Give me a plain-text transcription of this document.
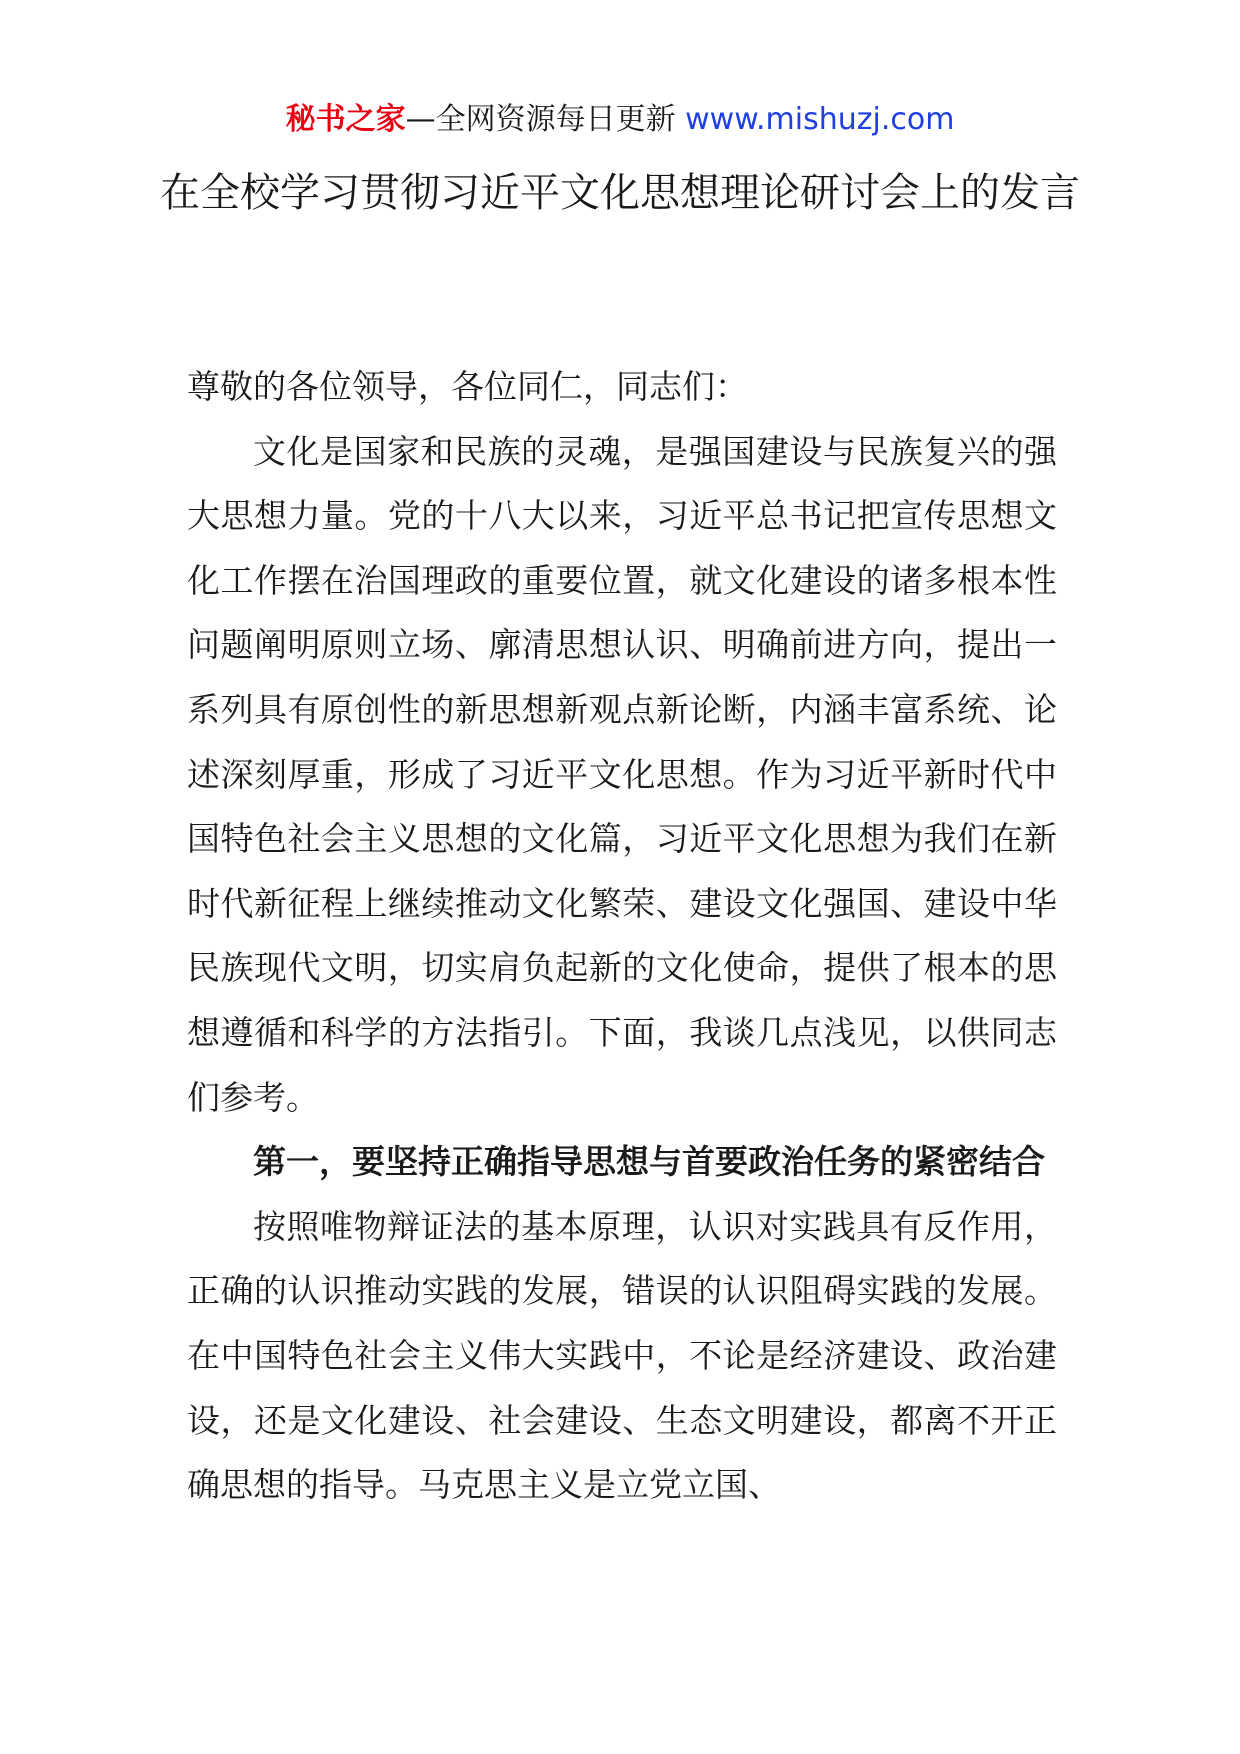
秘书之家—全网资源每日更新 www.mishuzj.com
在全校学习贯彻习近平文化思想理论研讨会上的发言

尊敬的各位领导，各位同仁，同志们：

文化是国家和民族的灵魂，是强国建设与民族复兴的强大思想力量。党的十八大以来，习近平总书记把宣传思想文化工作摆在治国理政的重要位置，就文化建设的诸多根本性问题阐明原则立场、廓清思想认识、明确前进方向，提出一系列具有原创性的新思想新观点新论断，内涵丰富系统、论述深刻厚重，形成了习近平文化思想。作为习近平新时代中国特色社会主义思想的文化篇，习近平文化思想为我们在新时代新征程上继续推动文化繁荣、建设文化强国、建设中华民族现代文明，切实肩负起新的文化使命，提供了根本的思想遵循和科学的方法指引。下面，我谈几点浅见，以供同志们参考。

第一，要坚持正确指导思想与首要政治任务的紧密结合

按照唯物辩证法的基本原理，认识对实践具有反作用，正确的认识推动实践的发展，错误的认识阻碍实践的发展。在中国特色社会主义伟大实践中，不论是经济建设、政治建设，还是文化建设、社会建设、生态文明建设，都离不开正确思想的指导。马克思主义是立党立国、
